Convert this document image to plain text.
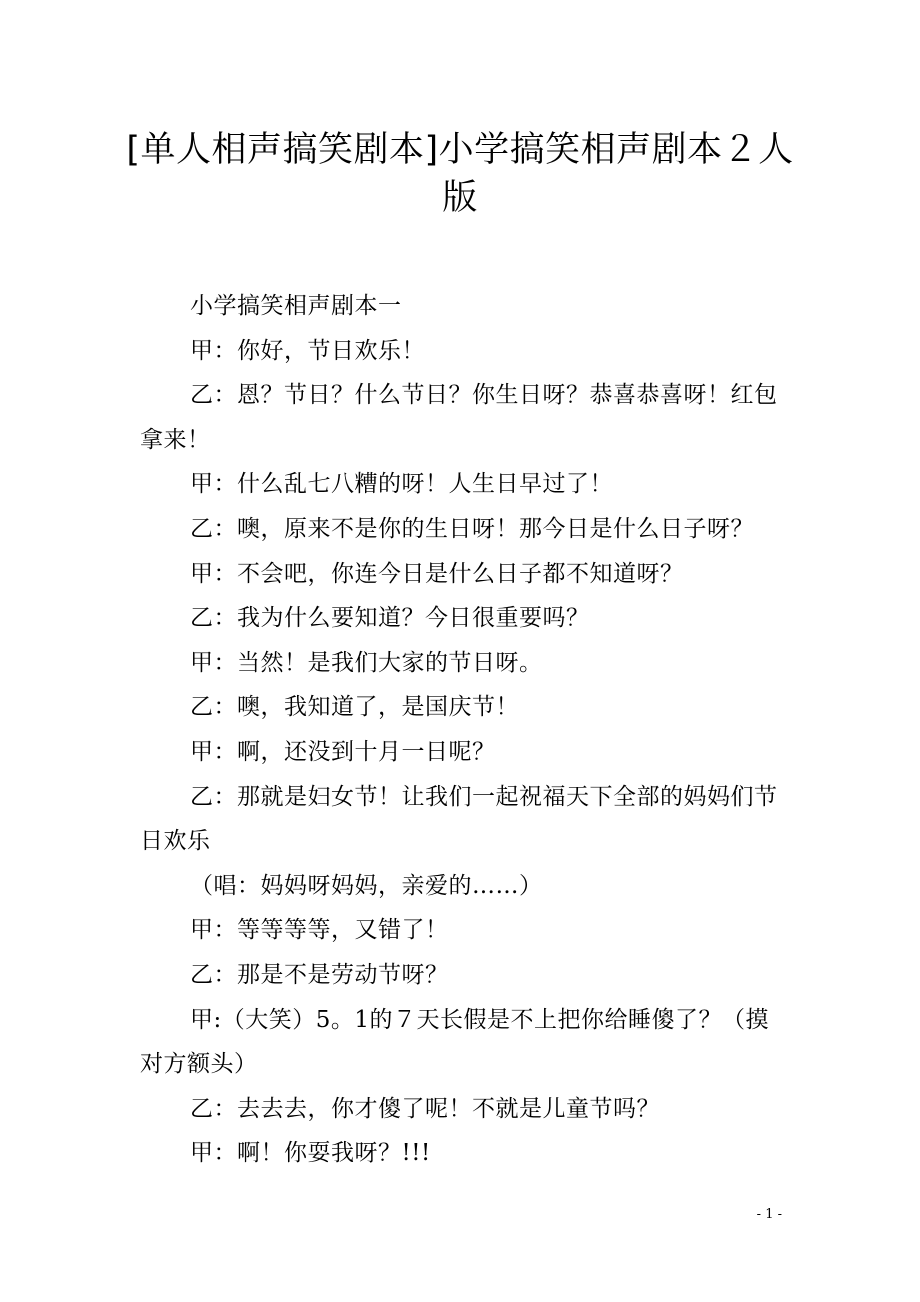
[单人相声搞笑剧本]小学搞笑相声剧本２人版

小学搞笑相声剧本一

甲：你好，节日欢乐！

乙：恩？节日？什么节日？你生日呀？恭喜恭喜呀！红包拿来！

甲：什么乱七八糟的呀！人生日早过了！

乙：噢，原来不是你的生日呀！那今日是什么日子呀？

甲：不会吧，你连今日是什么日子都不知道呀？

乙：我为什么要知道？今日很重要吗？

甲：当然！是我们大家的节日呀。

乙：噢，我知道了，是国庆节！

甲：啊，还没到十月一日呢？

乙：那就是妇女节！让我们一起祝福天下全部的妈妈们节日欢乐

（唱：妈妈呀妈妈，亲爱的……）

甲：等等等等，又错了！

乙：那是不是劳动节呀？

甲:（大笑）5。1的７天长假是不上把你给睡傻了？（摸对方额头）

乙：去去去，你才傻了呢！不就是儿童节吗？

甲：啊！你耍我呀？!!!

- 1 -
